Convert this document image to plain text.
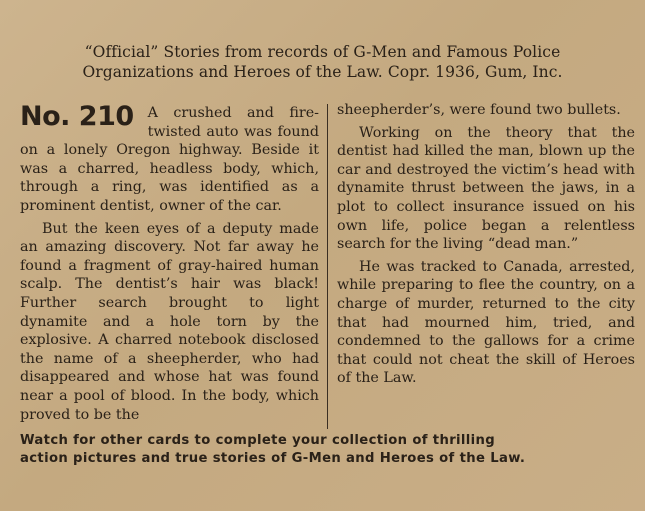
“Official” Stories from records of G-Men and Famous Police
Organizations and Heroes of the Law. Copr. 1936, Gum, Inc.

No. 210 A crushed and fire-twisted auto was found on a lonely Oregon highway. Beside it was a charred, headless body, which, through a ring, was identified as a prominent dentist, owner of the car.

But the keen eyes of a deputy made an amazing discovery. Not far away he found a fragment of gray-haired human scalp. The dentist’s hair was black! Further search brought to light dynamite and a hole torn by the explosive. A charred notebook disclosed the name of a sheepherder, who had disappeared and whose hat was found near a pool of blood. In the body, which proved to be the

sheepherder’s, were found two bullets.

Working on the theory that the dentist had killed the man, blown up the car and destroyed the victim’s head with dynamite thrust between the jaws, in a plot to collect insurance issued on his own life, police began a relentless search for the living “dead man.”

He was tracked to Canada, arrested, while preparing to flee the country, on a charge of murder, returned to the city that had mourned him, tried, and condemned to the gallows for a crime that could not cheat the skill of Heroes of the Law.

Watch for other cards to complete your collection of thrilling
action pictures and true stories of G-Men and Heroes of the Law.
